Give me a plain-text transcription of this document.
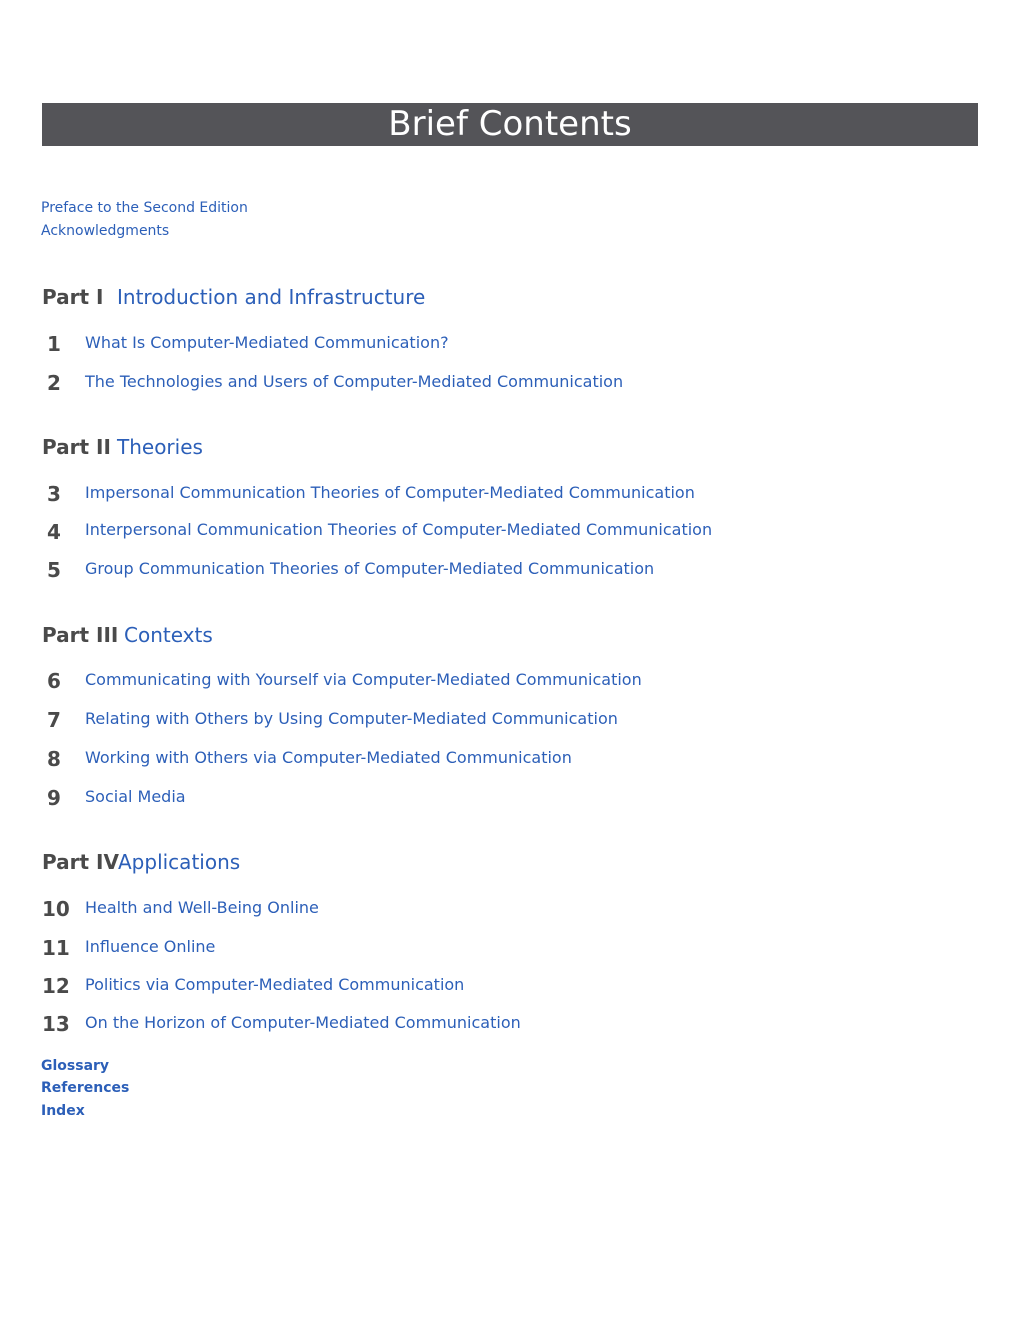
Brief Contents
Preface to the Second Edition
Acknowledgments
Part I Introduction and Infrastructure
1 What Is Computer-Mediated Communication?
2 The Technologies and Users of Computer-Mediated Communication
Part II Theories
3 Impersonal Communication Theories of Computer-Mediated Communication
4 Interpersonal Communication Theories of Computer-Mediated Communication
5 Group Communication Theories of Computer-Mediated Communication
Part III Contexts
6 Communicating with Yourself via Computer-Mediated Communication
7 Relating with Others by Using Computer-Mediated Communication
8 Working with Others via Computer-Mediated Communication
9 Social Media
Part IVApplications
10 Health and Well-Being Online
11 Influence Online
12 Politics via Computer-Mediated Communication
13 On the Horizon of Computer-Mediated Communication
Glossary
References
Index
